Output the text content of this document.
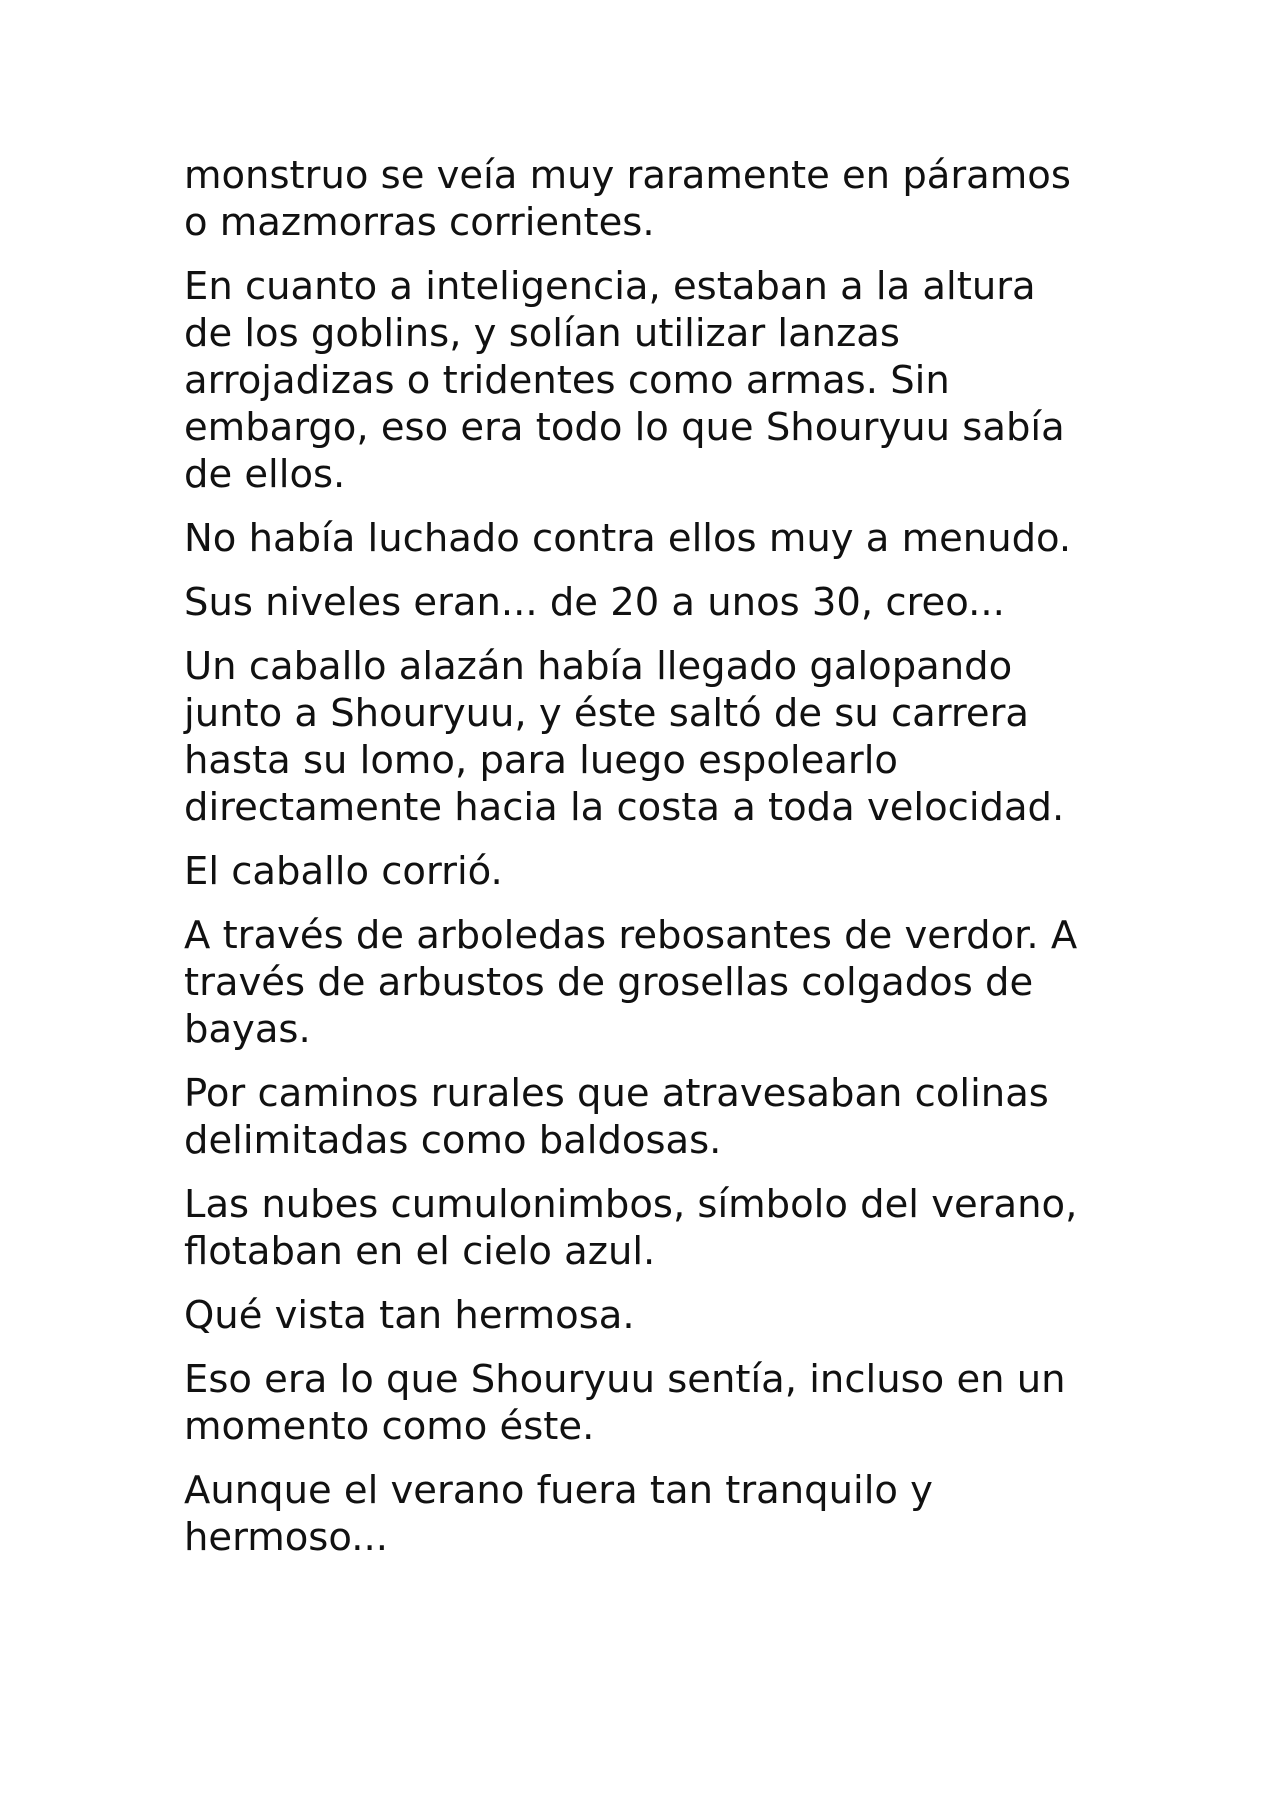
monstruo se veía muy raramente en páramos
o mazmorras corrientes.

En cuanto a inteligencia, estaban a la altura
de los goblins, y solían utilizar lanzas
arrojadizas o tridentes como armas. Sin
embargo, eso era todo lo que Shouryuu sabía
de ellos.

No había luchado contra ellos muy a menudo.

Sus niveles eran... de 20 a unos 30, creo...

Un caballo alazán había llegado galopando
junto a Shouryuu, y éste saltó de su carrera
hasta su lomo, para luego espolearlo
directamente hacia la costa a toda velocidad.

El caballo corrió.

A través de arboledas rebosantes de verdor. A
través de arbustos de grosellas colgados de
bayas.

Por caminos rurales que atravesaban colinas
delimitadas como baldosas.

Las nubes cumulonimbos, símbolo del verano,
flotaban en el cielo azul.

Qué vista tan hermosa.

Eso era lo que Shouryuu sentía, incluso en un
momento como éste.

Aunque el verano fuera tan tranquilo y
hermoso...
